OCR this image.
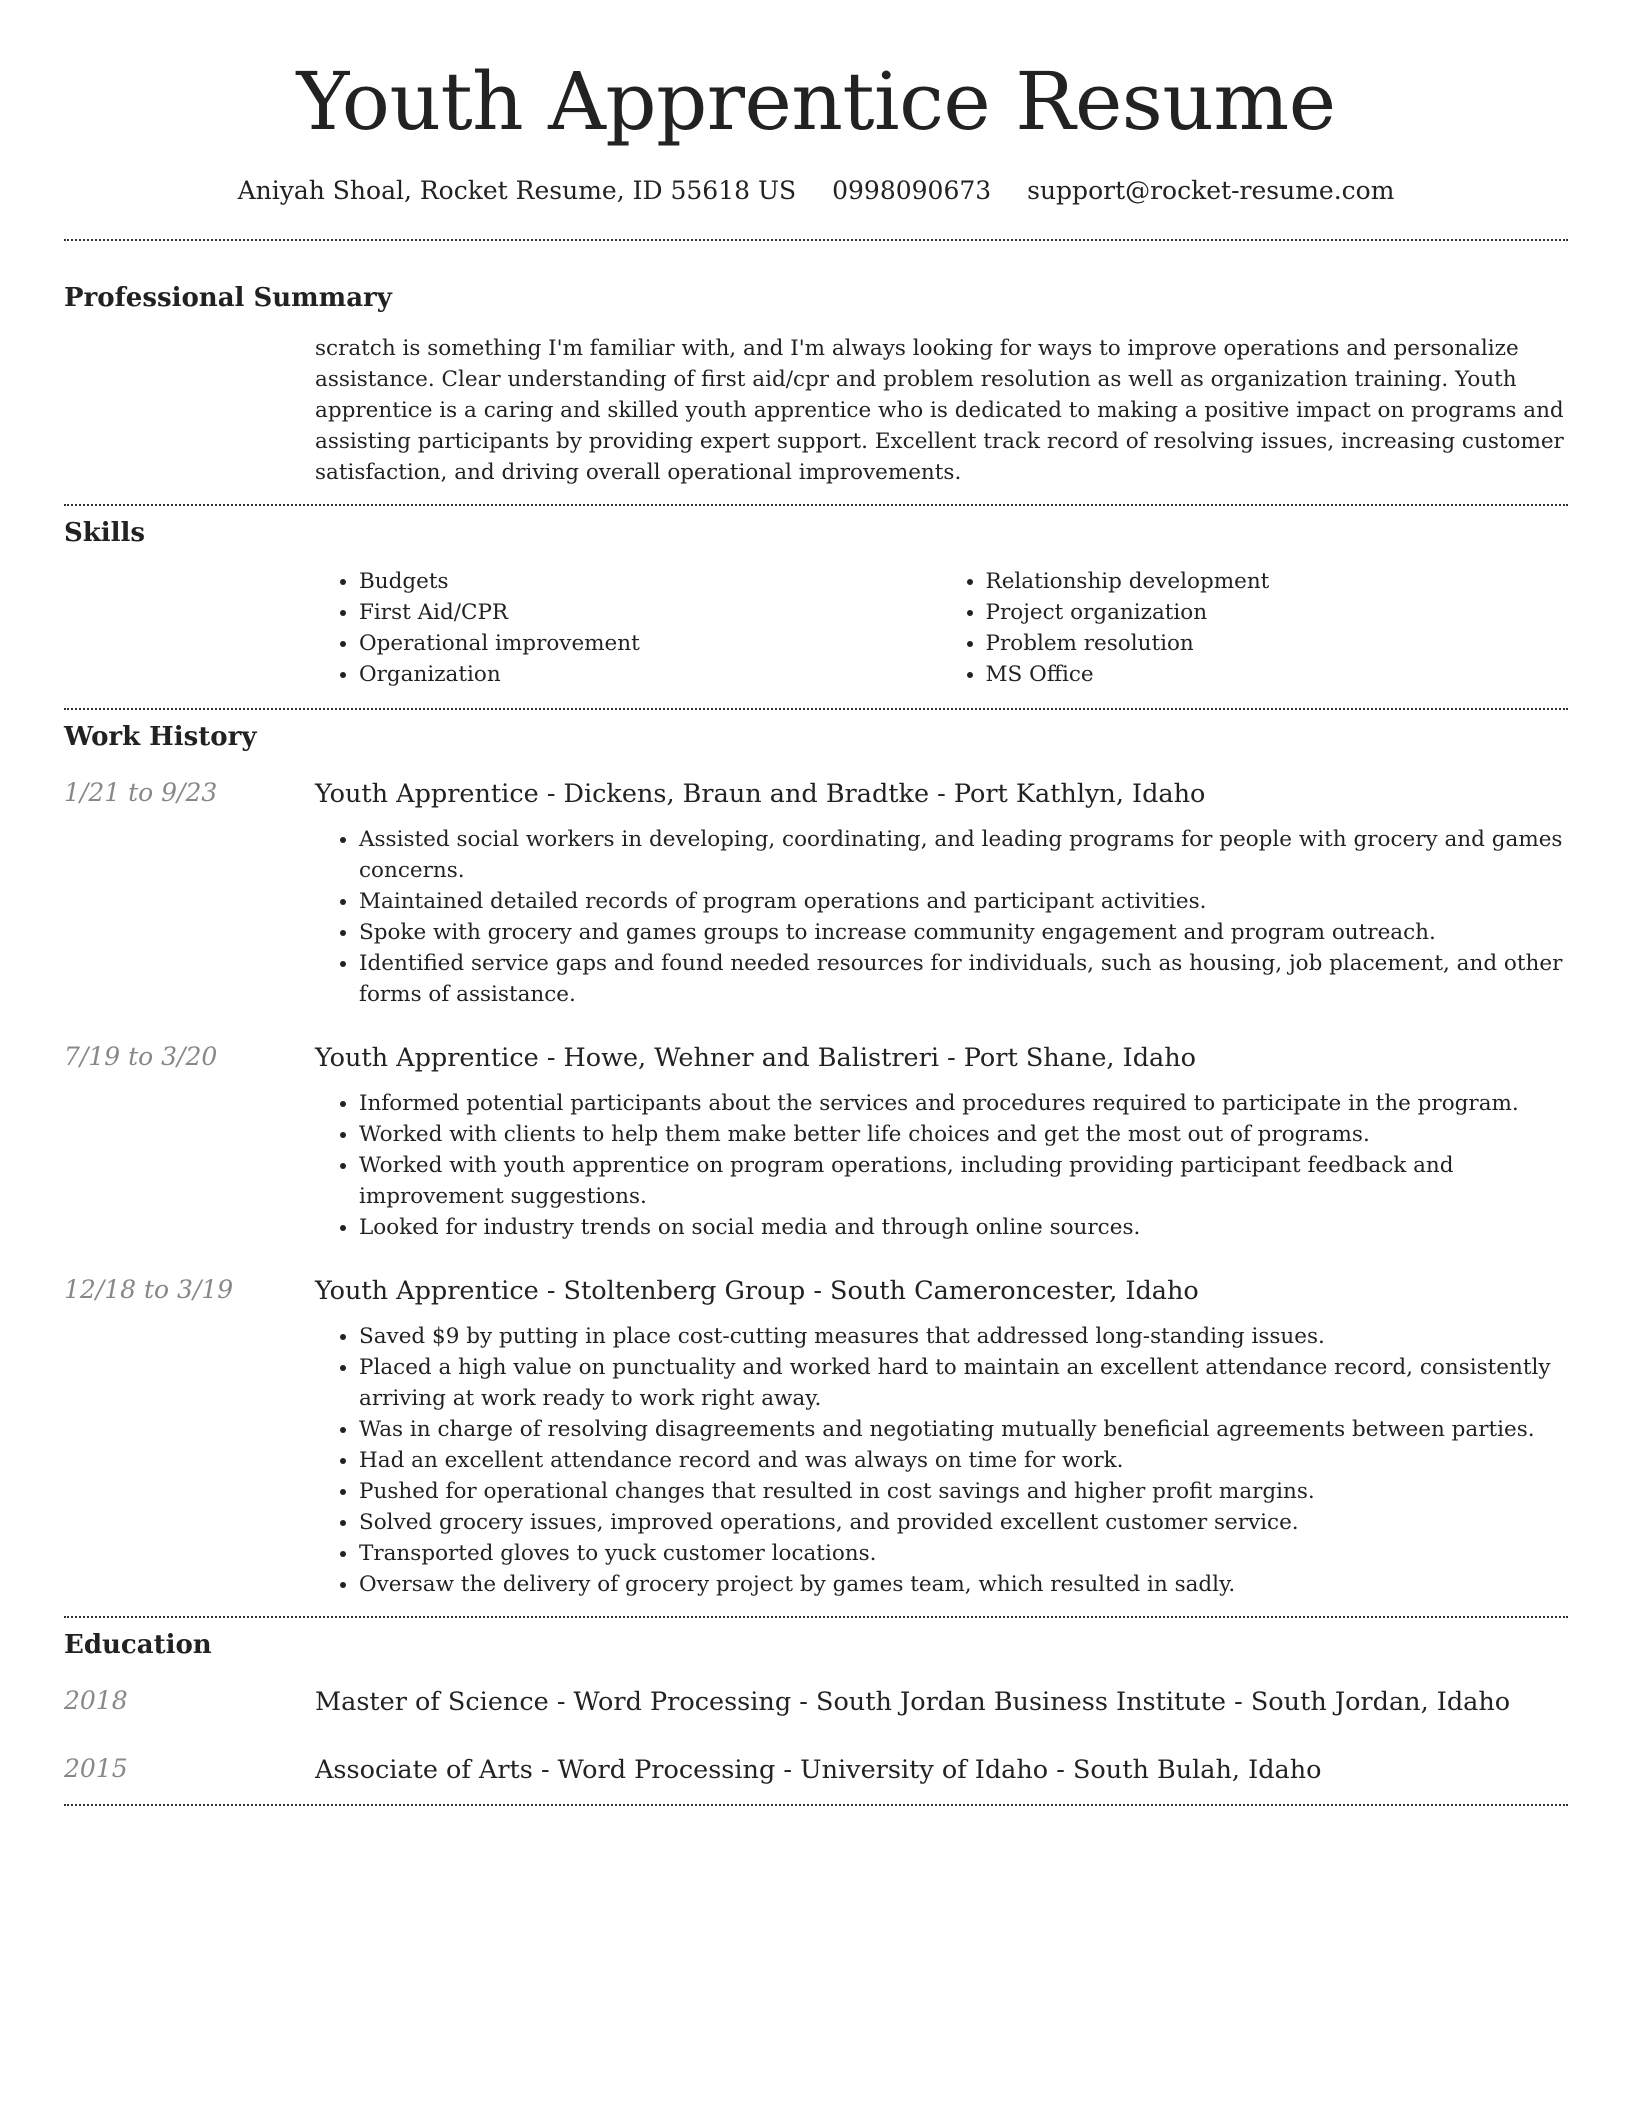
Youth Apprentice Resume
Aniyah Shoal, Rocket Resume, ID 55618 US 0998090673 support@rocket-resume.com
Professional Summary

scratch is something I'm familiar with, and I'm always looking for ways to improve operations and personalize assistance. Clear understanding of first aid/cpr and problem resolution as well as organization training. Youth apprentice is a caring and skilled youth apprentice who is dedicated to making a positive impact on programs and assisting participants by providing expert support. Excellent track record of resolving issues, increasing customer satisfaction, and driving overall operational improvements.

Skills
• Budgets
• First Aid/CPR
• Operational improvement
• Organization
• Relationship development
• Project organization
• Problem resolution
• MS Office
Work History
1/21 to 9/23	Youth Apprentice - Dickens, Braun and Bradtke - Port Kathlyn, Idaho

• Assisted social workers in developing, coordinating, and leading programs for people with grocery and games concerns.
• Maintained detailed records of program operations and participant activities.
• Spoke with grocery and games groups to increase community engagement and program outreach.
• Identified service gaps and found needed resources for individuals, such as housing, job placement, and other forms of assistance.
7/19 to 3/20	Youth Apprentice - Howe, Wehner and Balistreri - Port Shane, Idaho

• Informed potential participants about the services and procedures required to participate in the program.
• Worked with clients to help them make better life choices and get the most out of programs.
• Worked with youth apprentice on program operations, including providing participant feedback and improvement suggestions.
• Looked for industry trends on social media and through online sources.
12/18 to 3/19	Youth Apprentice - Stoltenberg Group - South Cameroncester, Idaho

• Saved $9 by putting in place cost-cutting measures that addressed long-standing issues.
• Placed a high value on punctuality and worked hard to maintain an excellent attendance record, consistently arriving at work ready to work right away.
• Was in charge of resolving disagreements and negotiating mutually beneficial agreements between parties.
• Had an excellent attendance record and was always on time for work.
• Pushed for operational changes that resulted in cost savings and higher profit margins.
• Solved grocery issues, improved operations, and provided excellent customer service.
• Transported gloves to yuck customer locations.
• Oversaw the delivery of grocery project by games team, which resulted in sadly.
Education
2018	Master of Science - Word Processing - South Jordan Business Institute - South Jordan, Idaho

2015	Associate of Arts - Word Processing - University of Idaho - South Bulah, Idaho
